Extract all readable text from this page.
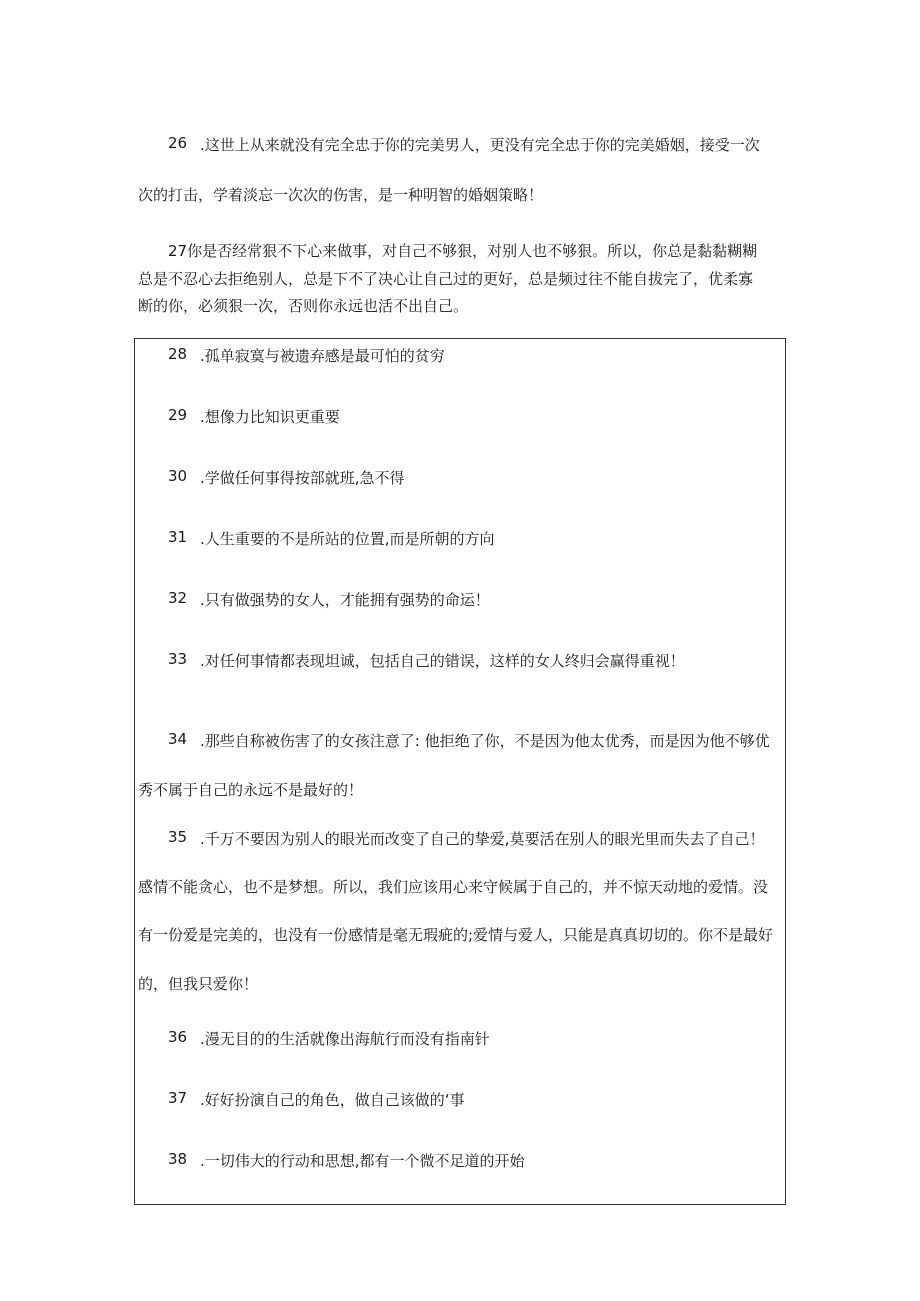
26 .这世上从来就没有完全忠于你的完美男人，更没有完全忠于你的完美婚姻，接受一次
次的打击，学着淡忘一次次的伤害，是一种明智的婚姻策略！
27你是否经常狠不下心来做事，对自己不够狠，对别人也不够狠。所以，你总是黏黏糊糊
总是不忍心去拒绝别人，总是下不了决心让自己过的更好，总是频过往不能自拔完了，优柔寡
断的你，必须狠一次，否则你永远也活不出自己。
28 .孤单寂寞与被遗弃感是最可怕的贫穷
29 .想像力比知识更重要
30 .学做任何事得按部就班,急不得
31 .人生重要的不是所站的位置,而是所朝的方向
32 .只有做强势的女人，才能拥有强势的命运！
33 .对任何事情都表现坦诚，包括自己的错误，这样的女人终归会赢得重视！
34 .那些自称被伤害了的女孩注意了: 他拒绝了你，不是因为他太优秀，而是因为他不够优
秀不属于自己的永远不是最好的！
35 .千万不要因为别人的眼光而改变了自己的挚爱,莫要活在别人的眼光里而失去了自己！
感情不能贪心，也不是梦想。所以，我们应该用心来守候属于自己的，并不惊天动地的爱情。没
有一份爱是完美的，也没有一份感情是毫无瑕疵的;爱情与爱人，只能是真真切切的。你不是最好
的，但我只爱你！
36 .漫无目的的生活就像出海航行而没有指南针
37 .好好扮演自己的角色，做自己该做的‘事
38 .一切伟大的行动和思想,都有一个微不足道的开始
